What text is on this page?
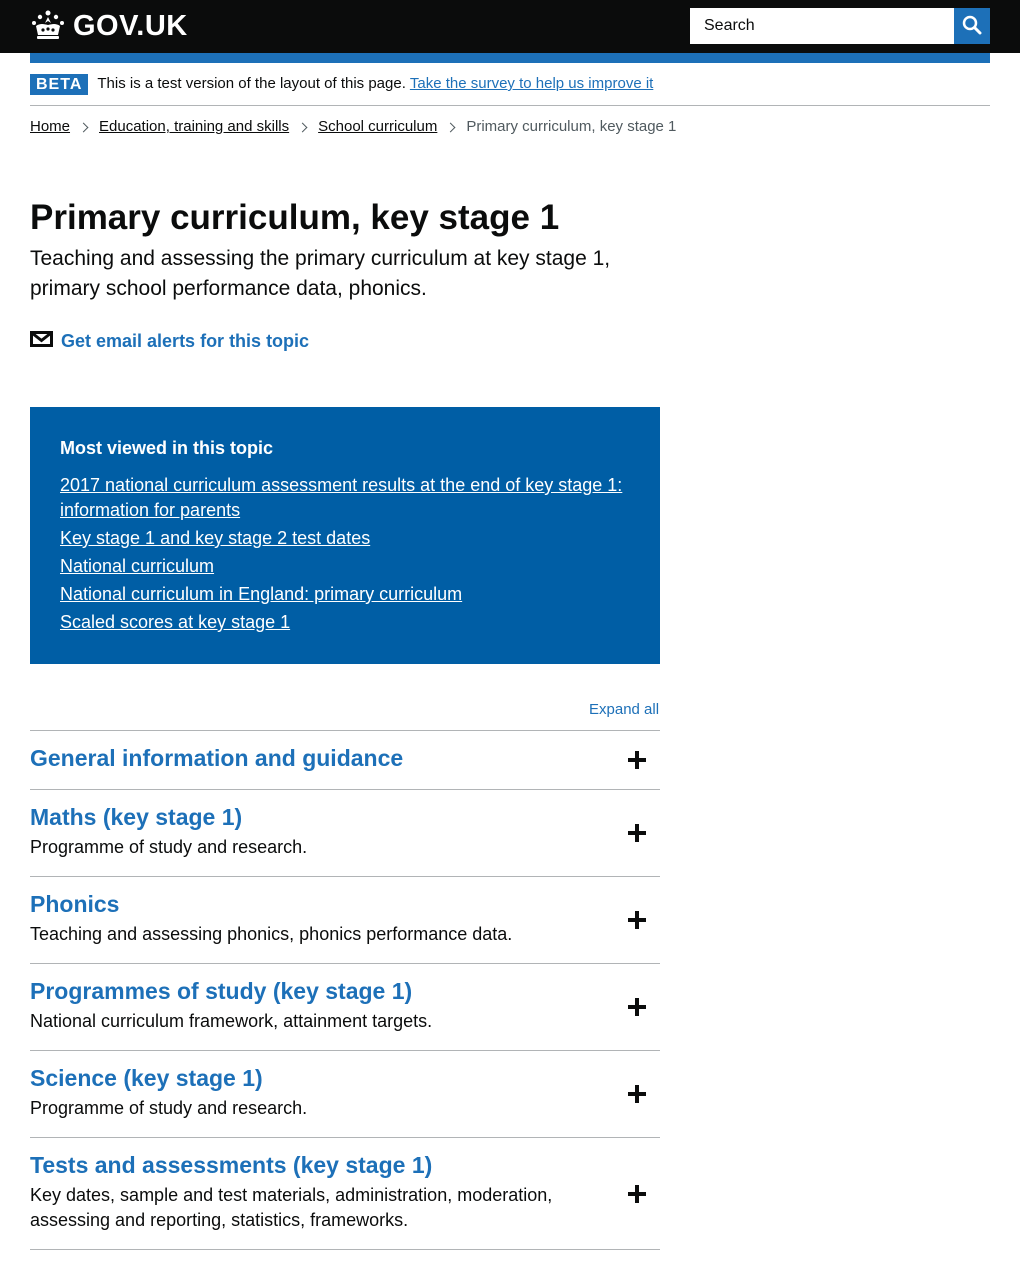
GOV.UK
Search
BETA	This is a test version of the layout of this page. Take the survey to help us improve it
Home Education, training and skills School curriculum Primary curriculum, key stage 1
Primary curriculum, key stage 1

Teaching and assessing the primary curriculum at key stage 1, primary school performance data, phonics.

Get email alerts for this topic
Most viewed in this topic
2017 national curriculum assessment results at the end of key stage 1: information for parents
Key stage 1 and key stage 2 test dates
National curriculum
National curriculum in England: primary curriculum
Scaled scores at key stage 1
Expand all
General information and guidance
Maths (key stage 1)

Programme of study and research.

Phonics

Teaching and assessing phonics, phonics performance data.

Programmes of study (key stage 1)

National curriculum framework, attainment targets.

Science (key stage 1)

Programme of study and research.

Tests and assessments (key stage 1)

Key dates, sample and test materials, administration, moderation, assessing and reporting, statistics, frameworks.
